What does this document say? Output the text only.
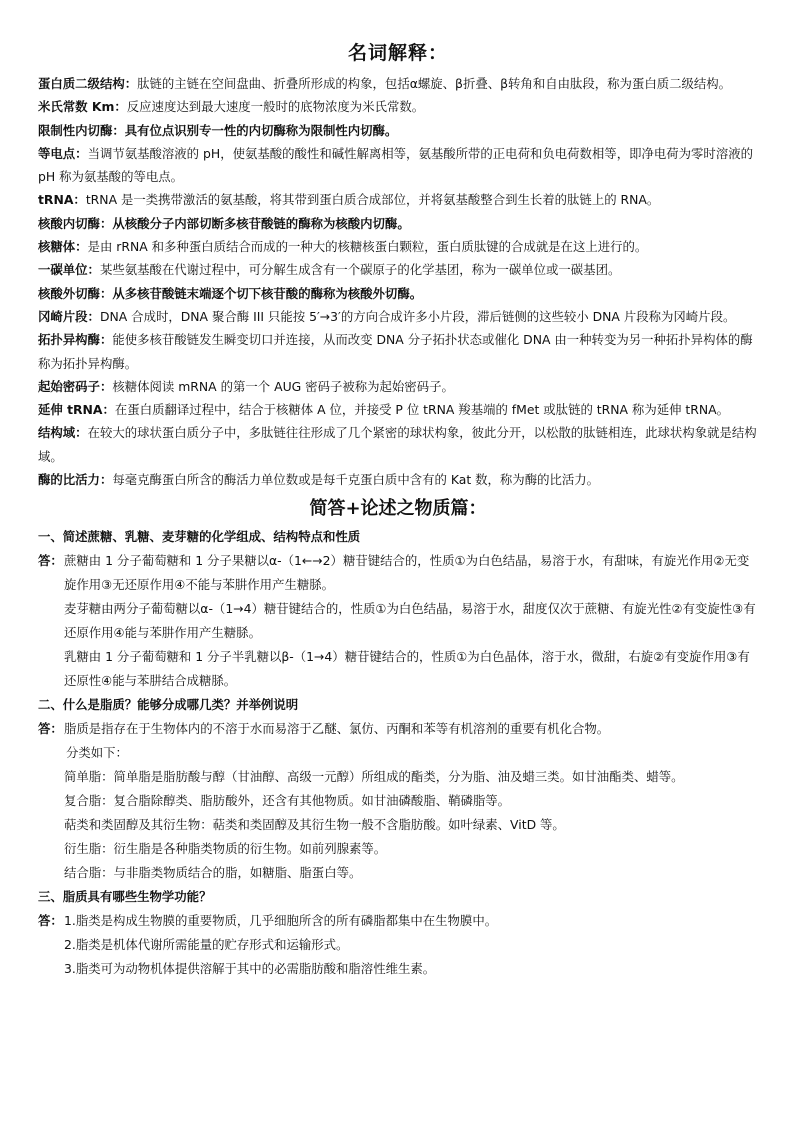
名词解释：

蛋白质二级结构：肽链的主链在空间盘曲、折叠所形成的构象，包括α螺旋、β折叠、β转角和自由肽段，称为蛋白质二级结构。

米氏常数 Km：反应速度达到最大速度一般时的底物浓度为米氏常数。

限制性内切酶：具有位点识别专一性的内切酶称为限制性内切酶。

等电点：当调节氨基酸溶液的 pH，使氨基酸的酸性和碱性解离相等，氨基酸所带的正电荷和负电荷数相等，即净电荷为零时溶液的 pH 称为氨基酸的等电点。

tRNA：tRNA 是一类携带激活的氨基酸，将其带到蛋白质合成部位，并将氨基酸整合到生长着的肽链上的 RNA。

核酸内切酶：从核酸分子内部切断多核苷酸链的酶称为核酸内切酶。

核糖体：是由 rRNA 和多种蛋白质结合而成的一种大的核糖核蛋白颗粒，蛋白质肽键的合成就是在这上进行的。

一碳单位：某些氨基酸在代谢过程中，可分解生成含有一个碳原子的化学基团，称为一碳单位或一碳基团。

核酸外切酶：从多核苷酸链末端逐个切下核苷酸的酶称为核酸外切酶。

冈崎片段：DNA 合成时，DNA 聚合酶 III 只能按 5′→3′的方向合成许多小片段，滞后链侧的这些较小 DNA 片段称为冈崎片段。

拓扑异构酶：能使多核苷酸链发生瞬变切口并连接，从而改变 DNA 分子拓扑状态或催化 DNA 由一种转变为另一种拓扑异构体的酶称为拓扑异构酶。

起始密码子：核糖体阅读 mRNA 的第一个 AUG 密码子被称为起始密码子。

延伸 tRNA：在蛋白质翻译过程中，结合于核糖体 A 位，并接受 P 位 tRNA 羧基端的 fMet 或肽链的 tRNA 称为延伸 tRNA。

结构域：在较大的球状蛋白质分子中，多肽链往往形成了几个紧密的球状构象，彼此分开，以松散的肽链相连，此球状构象就是结构域。

酶的比活力：每毫克酶蛋白所含的酶活力单位数或是每千克蛋白质中含有的 Kat 数，称为酶的比活力。

简答+论述之物质篇：

一、简述蔗糖、乳糖、麦芽糖的化学组成、结构特点和性质

答： 蔗糖由 1 分子葡萄糖和 1 分子果糖以α-（1←→2）糖苷键结合的，性质①为白色结晶，易溶于水，有甜味，有旋光作用②无变旋作用③无还原作用④不能与苯肼作用产生糖脎。

麦芽糖由两分子葡萄糖以α-（1→4）糖苷键结合的，性质①为白色结晶，易溶于水，甜度仅次于蔗糖、有旋光性②有变旋性③有还原作用④能与苯肼作用产生糖脎。

乳糖由 1 分子葡萄糖和 1 分子半乳糖以β-（1→4）糖苷键结合的，性质①为白色晶体，溶于水，微甜，右旋②有变旋作用③有还原性④能与苯肼结合成糖脎。

二、什么是脂质？能够分成哪几类？并举例说明

答： 脂质是指存在于生物体内的不溶于水而易溶于乙醚、氯仿、丙酮和苯等有机溶剂的重要有机化合物。

分类如下：

简单脂：简单脂是脂肪酸与醇（甘油醇、高级一元醇）所组成的酯类，分为脂、油及蜡三类。如甘油酯类、蜡等。

复合脂：复合脂除醇类、脂肪酸外，还含有其他物质。如甘油磷酸脂、鞘磷脂等。

萜类和类固醇及其衍生物：萜类和类固醇及其衍生物一般不含脂肪酸。如叶绿素、VitD 等。

衍生脂：衍生脂是各种脂类物质的衍生物。如前列腺素等。

结合脂：与非脂类物质结合的脂，如糖脂、脂蛋白等。

三、脂质具有哪些生物学功能？

答： 1.脂类是构成生物膜的重要物质，几乎细胞所含的所有磷脂都集中在生物膜中。

2.脂类是机体代谢所需能量的贮存形式和运输形式。

3.脂类可为动物机体提供溶解于其中的必需脂肪酸和脂溶性维生素。
